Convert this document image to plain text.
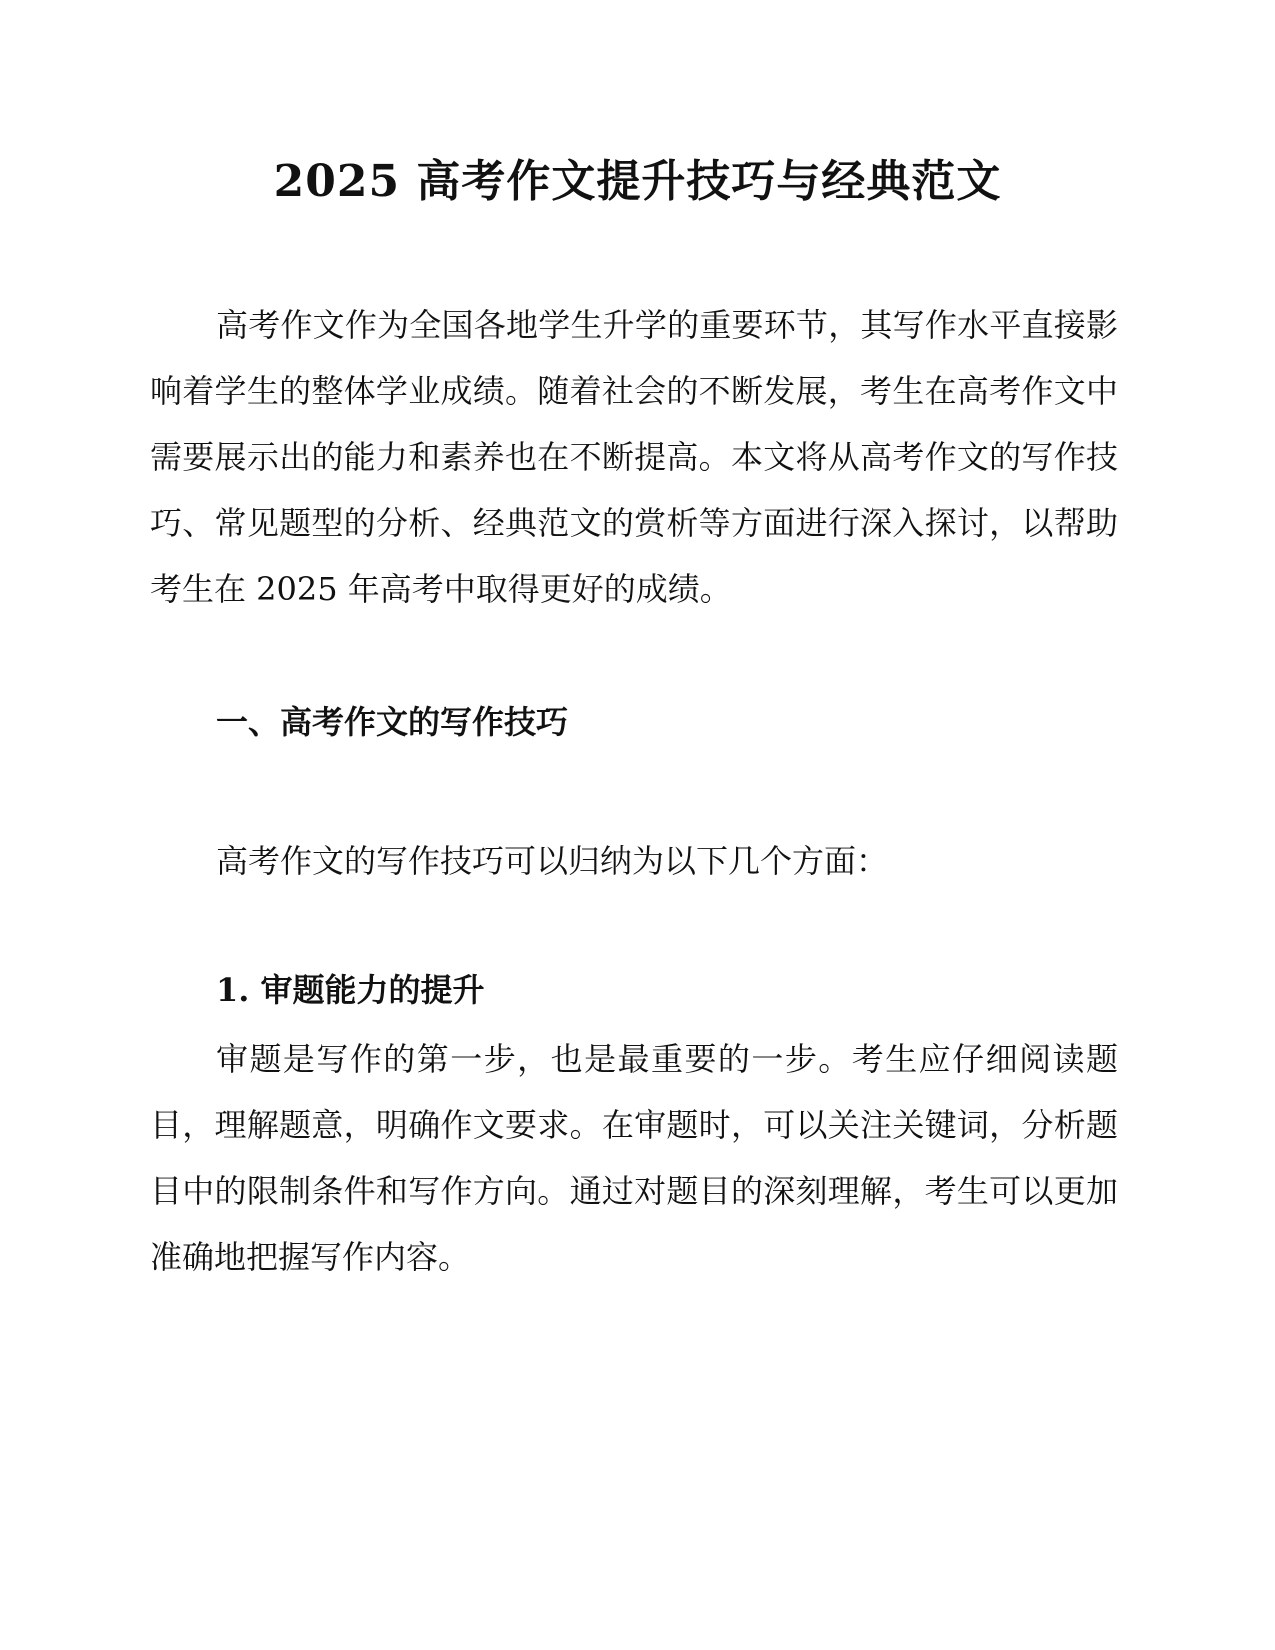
2025 高考作文提升技巧与经典范文

高考作文作为全国各地学生升学的重要环节，其写作水平直接影响着学生的整体学业成绩。随着社会的不断发展，考生在高考作文中需要展示出的能力和素养也在不断提高。本文将从高考作文的写作技巧、常见题型的分析、经典范文的赏析等方面进行深入探讨，以帮助考生在 2025 年高考中取得更好的成绩。

一、高考作文的写作技巧

高考作文的写作技巧可以归纳为以下几个方面：

1. 审题能力的提升

审题是写作的第一步，也是最重要的一步。考生应仔细阅读题目，理解题意，明确作文要求。在审题时，可以关注关键词，分析题目中的限制条件和写作方向。通过对题目的深刻理解，考生可以更加准确地把握写作内容。
